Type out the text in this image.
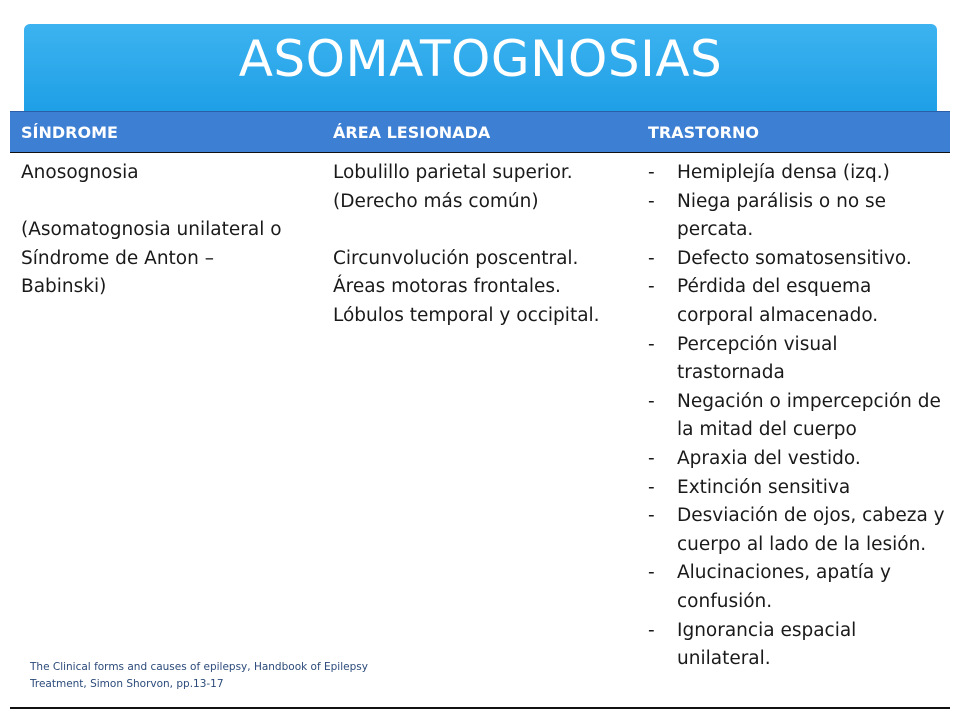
ASOMATOGNOSIAS
SÍNDROME	ÁREA LESIONADA	TRASTORNO

Anosognosia

(Asomatognosia unilateral o

Síndrome de Anton –

Babinski)

Lobulillo parietal superior.

(Derecho más común)

Circunvolución poscentral.

Áreas motoras frontales.

Lóbulos temporal y occipital.

- Hemiplejía densa (izq.)
- Niega parálisis o no se percata.
- Defecto somatosensitivo.
- Pérdida del esquema corporal almacenado.
- Percepción visual trastornada
- Negación o impercepción de la mitad del cuerpo
- Apraxia del vestido.
- Extinción sensitiva
- Desviación de ojos, cabeza y cuerpo al lado de la lesión.
- Alucinaciones, apatía y confusión.
- Ignorancia espacial unilateral.
The Clinical forms and causes of epilepsy, Handbook of Epilepsy Treatment, Simon Shorvon, pp.13-17
